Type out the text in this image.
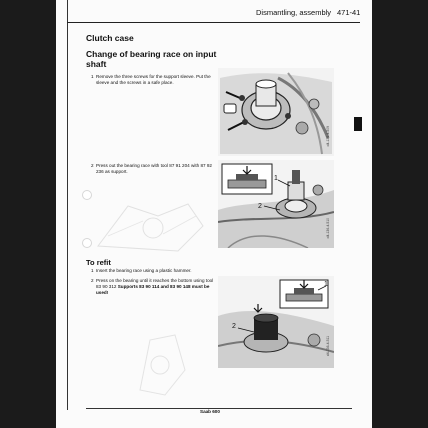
Dismantling, assembly 471-41
Clutch case
Change of bearing race on input shaft
1 Remove the three screws for the support sleeve. Put the sleeve and the screws in a safe place.
2 Press out the bearing race with tool 87 91 204 with 87 92 236 as support.
To refit
1 Insert the bearing race using a plastic hammer.
2 Press on the bearing until it reaches the bottom using tool 83 90 312 Supports 83 90 114 and 83 90 148 must be used!
d4-136-4-509
2
1
d4-136-4-510
2
1
d4-136-4-511
Saab 600
